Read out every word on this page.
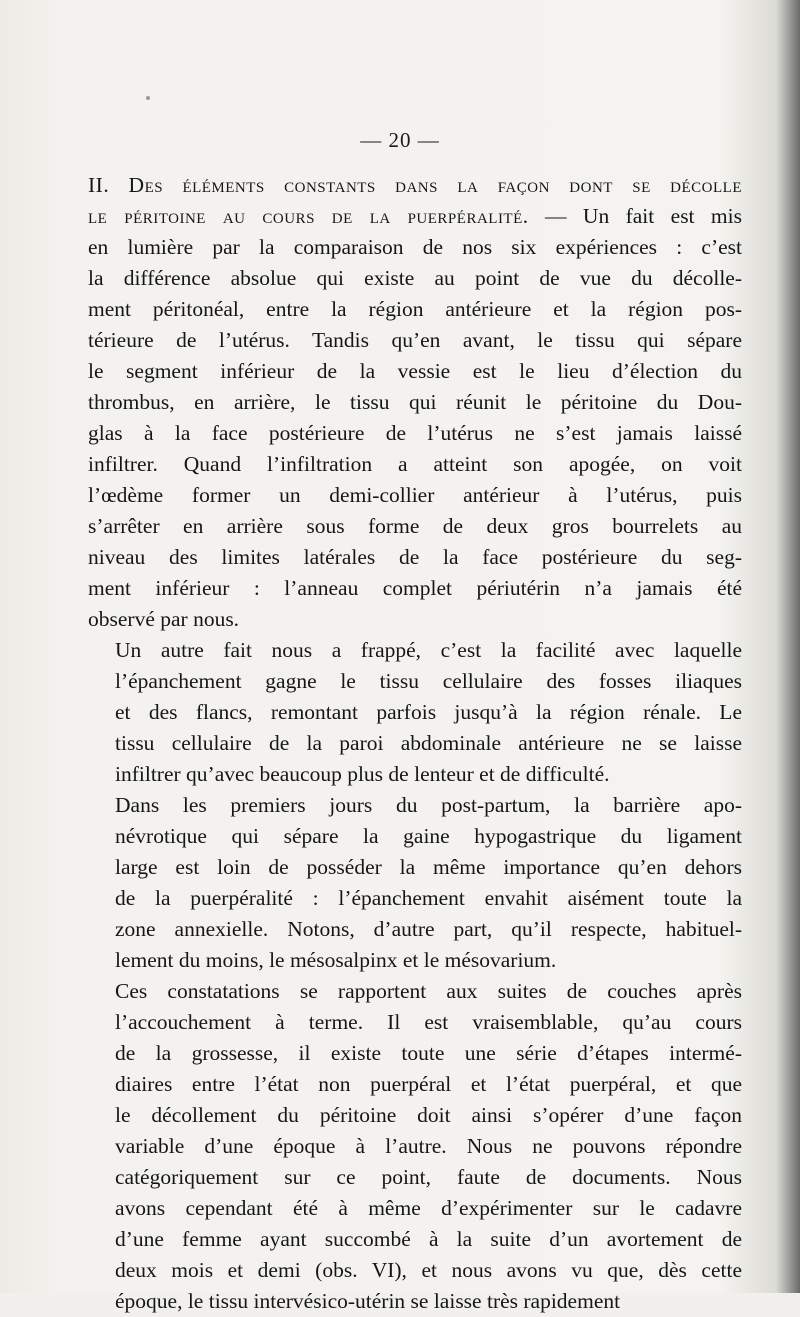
— 20 —

II. Des éléments constants dans la façon dont se décolle
le péritoine au cours de la puerpéralité. — Un fait est mis
en lumière par la comparaison de nos six expériences : c’est
la différence absolue qui existe au point de vue du décolle-
ment péritonéal, entre la région antérieure et la région pos-
térieure de l’utérus. Tandis qu’en avant, le tissu qui sépare
le segment inférieur de la vessie est le lieu d’élection du
thrombus, en arrière, le tissu qui réunit le péritoine du Dou-
glas à la face postérieure de l’utérus ne s’est jamais laissé
infiltrer. Quand l’infiltration a atteint son apogée, on voit
l’œdème former un demi-collier antérieur à l’utérus, puis
s’arrêter en arrière sous forme de deux gros bourrelets au
niveau des limites latérales de la face postérieure du seg-
ment inférieur : l’anneau complet périutérin n’a jamais été
observé par nous.

Un autre fait nous a frappé, c’est la facilité avec laquelle
l’épanchement gagne le tissu cellulaire des fosses iliaques
et des flancs, remontant parfois jusqu’à la région rénale. Le
tissu cellulaire de la paroi abdominale antérieure ne se laisse
infiltrer qu’avec beaucoup plus de lenteur et de difficulté.

Dans les premiers jours du post-partum, la barrière apo-
névrotique qui sépare la gaine hypogastrique du ligament
large est loin de posséder la même importance qu’en dehors
de la puerpéralité : l’épanchement envahit aisément toute la
zone annexielle. Notons, d’autre part, qu’il respecte, habituel-
lement du moins, le mésosalpinx et le mésovarium.

Ces constatations se rapportent aux suites de couches après
l’accouchement à terme. Il est vraisemblable, qu’au cours
de la grossesse, il existe toute une série d’étapes intermé-
diaires entre l’état non puerpéral et l’état puerpéral, et que
le décollement du péritoine doit ainsi s’opérer d’une façon
variable d’une époque à l’autre. Nous ne pouvons répondre
catégoriquement sur ce point, faute de documents. Nous
avons cependant été à même d’expérimenter sur le cadavre
d’une femme ayant succombé à la suite d’un avortement de
deux mois et demi (obs. VI), et nous avons vu que, dès cette
époque, le tissu intervésico-utérin se laisse très rapidement
